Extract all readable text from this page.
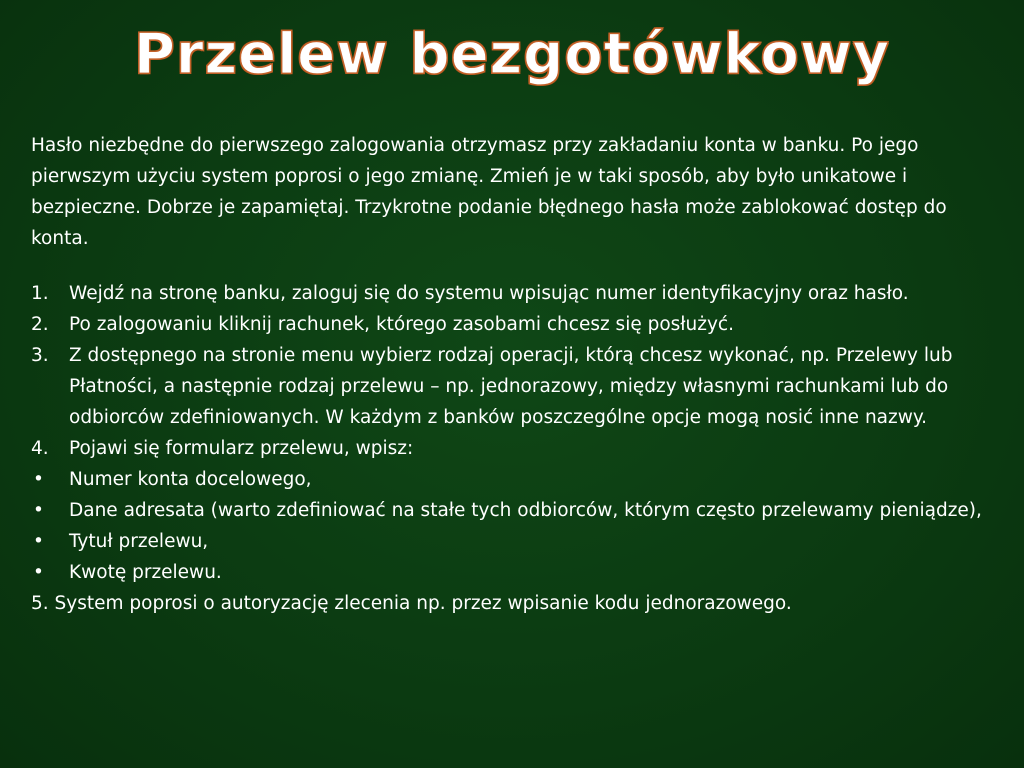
Przelew bezgotówkowy

Hasło niezbędne do pierwszego zalogowania otrzymasz przy zakładaniu konta w banku. Po jego pierwszym użyciu system poprosi o jego zmianę. Zmień je w taki sposób, aby było unikatowe i bezpieczne. Dobrze je zapamiętaj. Trzykrotne podanie błędnego hasła może zablokować dostęp do konta.

1.	Wejdź na stronę banku, zaloguj się do systemu wpisując numer identyfikacyjny oraz hasło.
2.	Po zalogowaniu kliknij rachunek, którego zasobami chcesz się posłużyć.
3.	Z dostępnego na stronie menu wybierz rodzaj operacji, którą chcesz wykonać, np. Przelewy lub Płatności, a następnie rodzaj przelewu – np. jednorazowy, między własnymi rachunkami lub do odbiorców zdefiniowanych. W każdym z banków poszczególne opcje mogą nosić inne nazwy.
4.	Pojawi się formularz przelewu, wpisz:
•	Numer konta docelowego,
•	Dane adresata (warto zdefiniować na stałe tych odbiorców, którym często przelewamy pieniądze),
•	Tytuł przelewu,
•	Kwotę przelewu.

5. System poprosi o autoryzację zlecenia np. przez wpisanie kodu jednorazowego.
